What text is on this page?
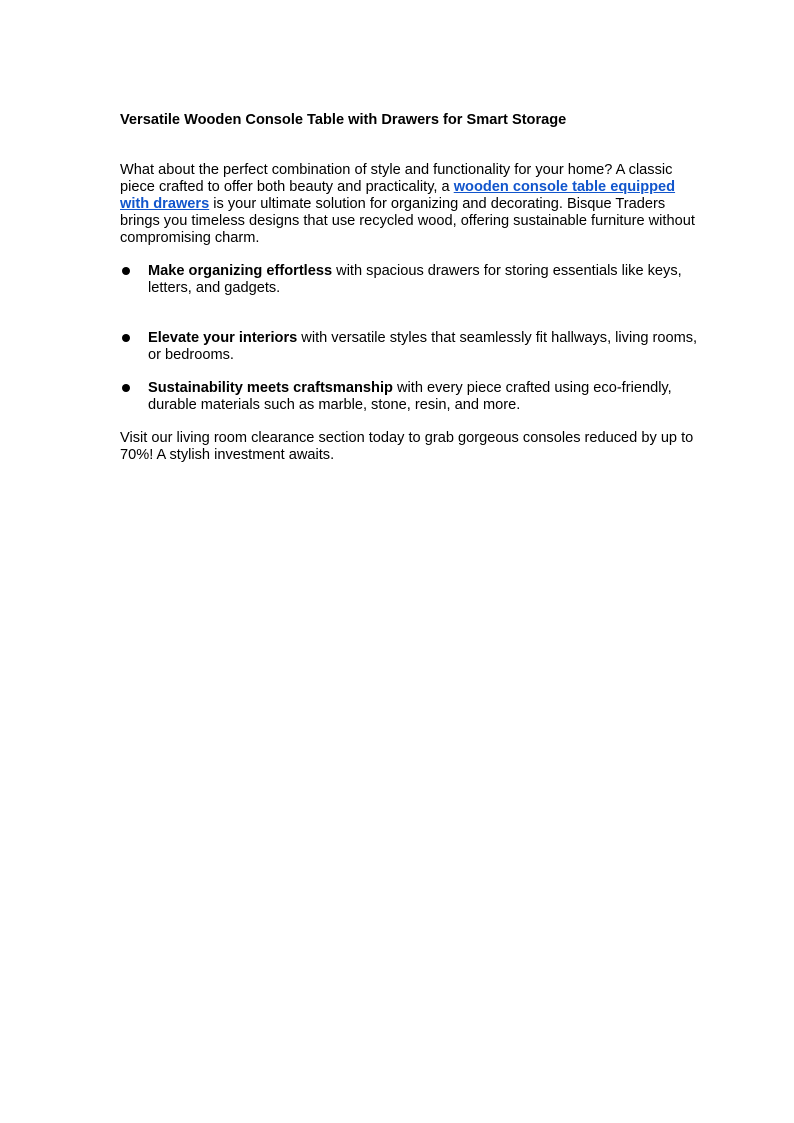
Versatile Wooden Console Table with Drawers for Smart Storage

What about the perfect combination of style and functionality for your home? A classic piece crafted to offer both beauty and practicality, a wooden console table equipped with drawers is your ultimate solution for organizing and decorating. Bisque Traders brings you timeless designs that use recycled wood, offering sustainable furniture without compromising charm.

Make organizing effortless with spacious drawers for storing essentials like keys, letters, and gadgets.
Elevate your interiors with versatile styles that seamlessly fit hallways, living rooms, or bedrooms.
Sustainability meets craftsmanship with every piece crafted using eco-friendly, durable materials such as marble, stone, resin, and more.

Visit our living room clearance section today to grab gorgeous consoles reduced by up to 70%! A stylish investment awaits.
